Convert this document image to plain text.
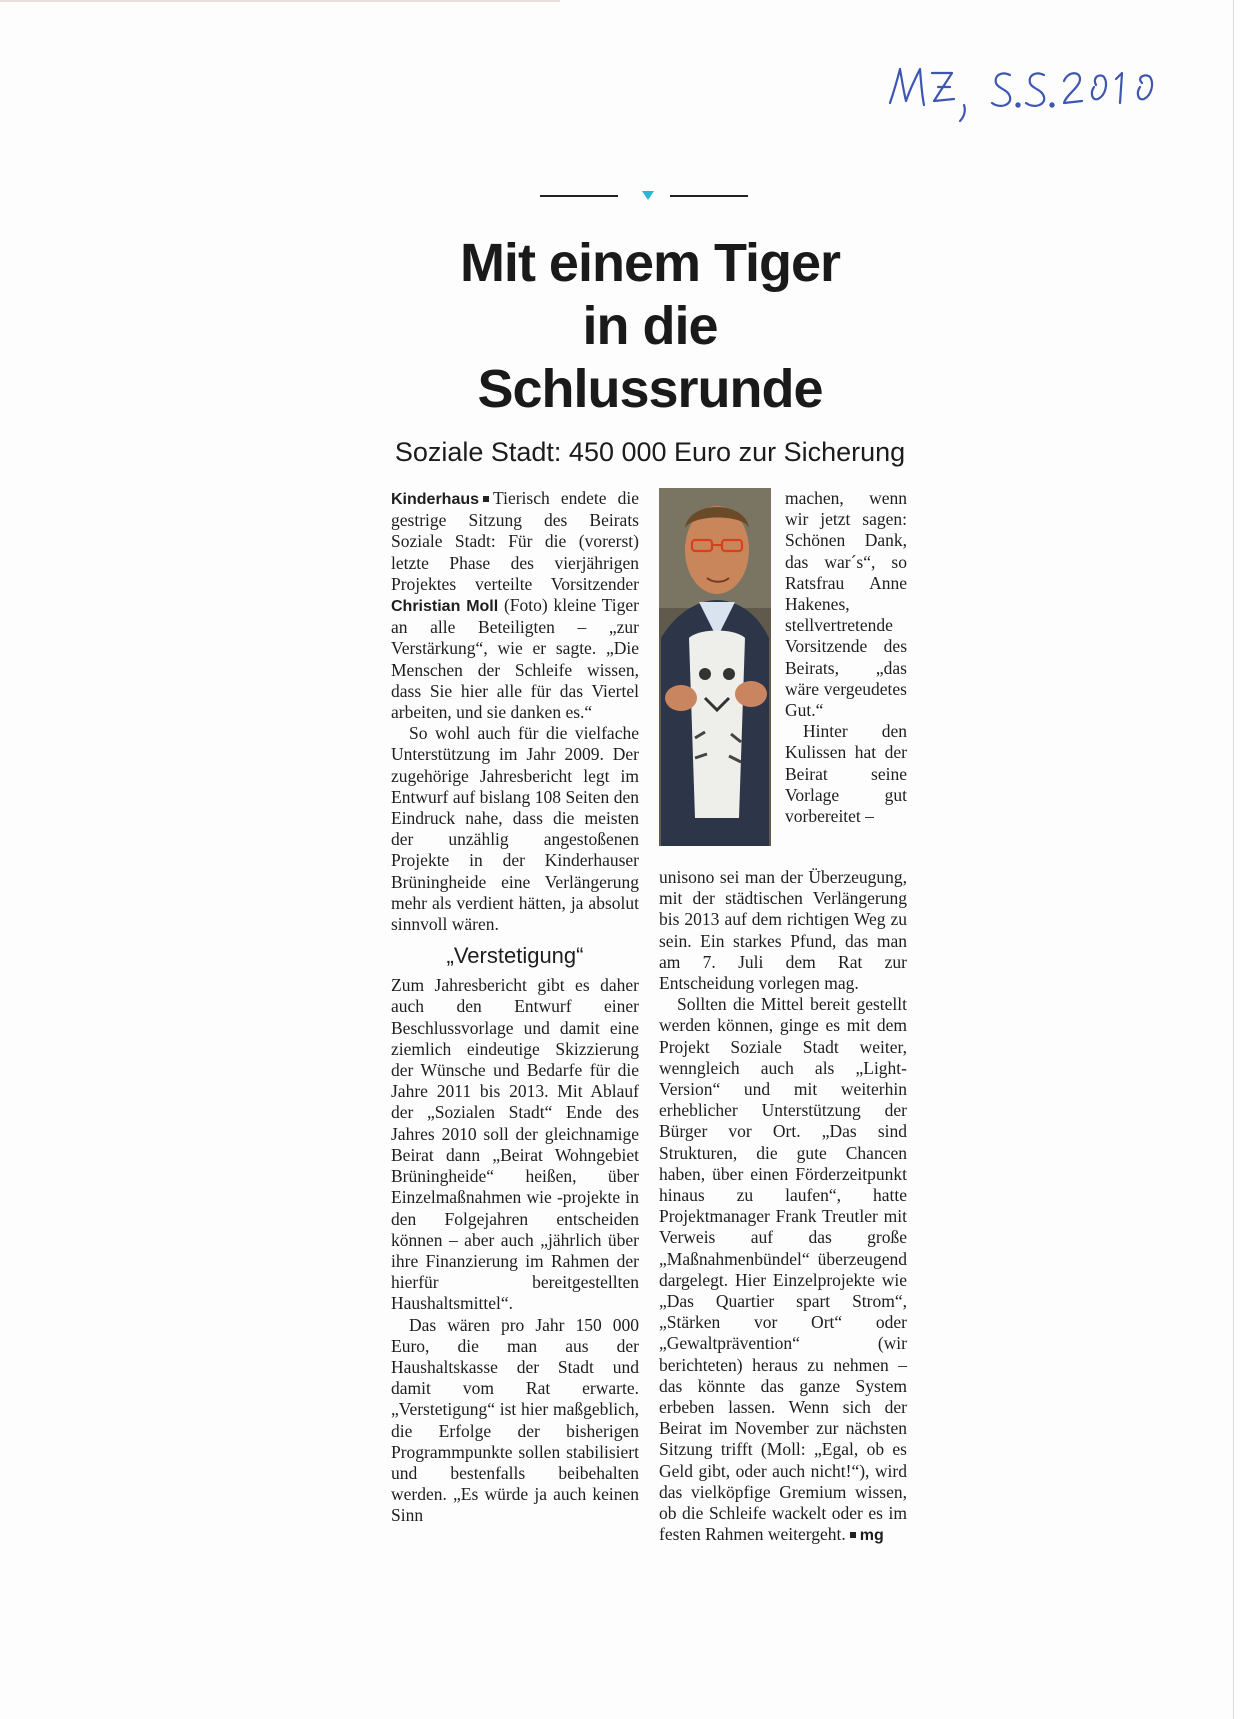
Mit einem Tiger
in die
Schlussrunde
Soziale Stadt: 450 000 Euro zur Sicherung

Kinderhaus Tierisch endete die gestrige Sitzung des Beirats Soziale Stadt: Für die (vorerst) letzte Phase des vierjährigen Projektes verteilte Vorsitzender Christian Moll (Foto) kleine Tiger an alle Beteiligten – „zur Verstärkung“, wie er sagte. „Die Menschen der Schleife wissen, dass Sie hier alle für das Viertel arbeiten, und sie danken es.“

So wohl auch für die vielfache Unterstützung im Jahr 2009. Der zugehörige Jahresbericht legt im Entwurf auf bislang 108 Seiten den Eindruck nahe, dass die meisten der unzählig angestoßenen Projekte in der Kinderhauser Brüningheide eine Verlängerung mehr als verdient hätten, ja absolut sinnvoll wären.

„Verstetigung“

Zum Jahresbericht gibt es daher auch den Entwurf einer Beschlussvorlage und damit eine ziemlich eindeutige Skizzierung der Wünsche und Bedarfe für die Jahre 2011 bis 2013. Mit Ablauf der „Sozialen Stadt“ Ende des Jahres 2010 soll der gleichnamige Beirat dann „Beirat Wohngebiet Brüningheide“ heißen, über Einzelmaßnahmen wie -projekte in den Folgejahren entscheiden können – aber auch „jährlich über ihre Finanzierung im Rahmen der hierfür bereitgestellten Haushaltsmittel“.

Das wären pro Jahr 150 000 Euro, die man aus der Haushaltskasse der Stadt und damit vom Rat erwarte. „Verstetigung“ ist hier maßgeblich, die Erfolge der bisherigen Programmpunkte sollen stabilisiert und bestenfalls beibehalten werden. „Es würde ja auch keinen Sinn

machen, wenn wir jetzt sagen: Schönen Dank, das war´s“, so Ratsfrau Anne Hakenes, stellvertretende Vorsitzende des Beirats, „das wäre vergeudetes Gut.“

Hinter den Kulissen hat der Beirat seine Vorlage gut vorbereitet –

unisono sei man der Überzeugung, mit der städtischen Verlängerung bis 2013 auf dem richtigen Weg zu sein. Ein starkes Pfund, das man am 7. Juli dem Rat zur Entscheidung vorlegen mag.

Sollten die Mittel bereit gestellt werden können, ginge es mit dem Projekt Soziale Stadt weiter, wenngleich auch als „Light-Version“ und mit weiterhin erheblicher Unterstützung der Bürger vor Ort. „Das sind Strukturen, die gute Chancen haben, über einen Förderzeitpunkt hinaus zu laufen“, hatte Projektmanager Frank Treutler mit Verweis auf das große „Maßnahmenbündel“ überzeugend dargelegt. Hier Einzelprojekte wie „Das Quartier spart Strom“, „Stärken vor Ort“ oder „Gewaltprävention“ (wir berichteten) heraus zu nehmen – das könnte das ganze System erbeben lassen. Wenn sich der Beirat im November zur nächsten Sitzung trifft (Moll: „Egal, ob es Geld gibt, oder auch nicht!“), wird das vielköpfige Gremium wissen, ob die Schleife wackelt oder es im festen Rahmen weitergeht. mg
